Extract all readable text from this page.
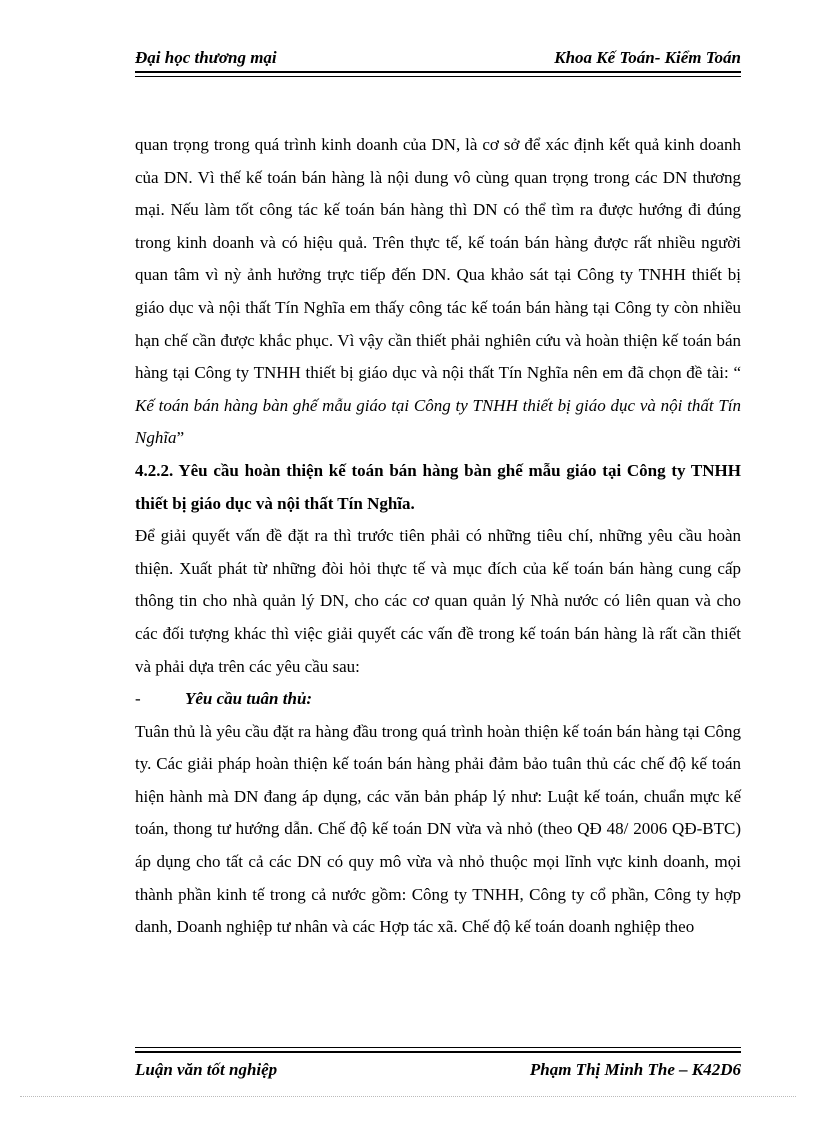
Đại học thương mại	Khoa Kế Toán- Kiểm Toán

quan trọng trong quá trình kinh doanh của DN, là cơ sở để xác định kết quả kinh doanh của DN. Vì thế kế toán bán hàng là nội dung vô cùng quan trọng trong các DN thương mại. Nếu làm tốt công tác kế toán bán hàng thì DN có thể tìm ra được hướng đi đúng trong kinh doanh và có hiệu quả. Trên thực tế, kế toán bán hàng được rất nhiều người quan tâm vì nỳ ảnh hưởng trực tiếp đến DN. Qua khảo sát tại Công ty TNHH thiết bị giáo dục và nội thất Tín Nghĩa em thấy công tác kế toán bán hàng tại Công ty còn nhiều hạn chế cần được khắc phục. Vì vậy cần thiết phải nghiên cứu và hoàn thiện kế toán bán hàng tại Công ty TNHH thiết bị giáo dục và nội thất Tín Nghĩa nên em đã chọn đề tài: “ Kế toán bán hàng bàn ghế mẫu giáo tại Công ty TNHH thiết bị giáo dục và nội thất Tín Nghĩa”

4.2.2. Yêu cầu hoàn thiện kế toán bán hàng bàn ghế mẫu giáo tại Công ty TNHH thiết bị giáo dục và nội thất Tín Nghĩa.

Để giải quyết vấn đề đặt ra thì trước tiên phải có những tiêu chí, những yêu cầu hoàn thiện. Xuất phát từ những đòi hỏi thực tế và mục đích của kế toán bán hàng cung cấp thông tin cho nhà quản lý DN, cho các cơ quan quản lý Nhà nước có liên quan và cho các đối tượng khác thì việc giải quyết các vấn đề trong kế toán bán hàng là rất cần thiết và phải dựa trên các yêu cầu sau:

-	Yêu cầu tuân thủ:

Tuân thủ là yêu cầu đặt ra hàng đầu trong quá trình hoàn thiện kế toán bán hàng tại Công ty. Các giải pháp hoàn thiện kế toán bán hàng phải đảm bảo tuân thủ các chế độ kế toán hiện hành mà DN đang áp dụng, các văn bản pháp lý như: Luật kế toán, chuẩn mực kế toán, thong tư hướng dẫn. Chế độ kế toán DN vừa và nhỏ (theo QĐ 48/ 2006 QĐ-BTC) áp dụng cho tất cả các DN có quy mô vừa và nhỏ thuộc mọi lĩnh vực kinh doanh, mọi thành phần kinh tế trong cả nước gồm: Công ty TNHH, Công ty cổ phần, Công ty hợp danh, Doanh nghiệp tư nhân và các Hợp tác xã. Chế độ kế toán doanh nghiệp theo

Luận văn tốt nghiệp	Phạm Thị Minh The – K42D6
